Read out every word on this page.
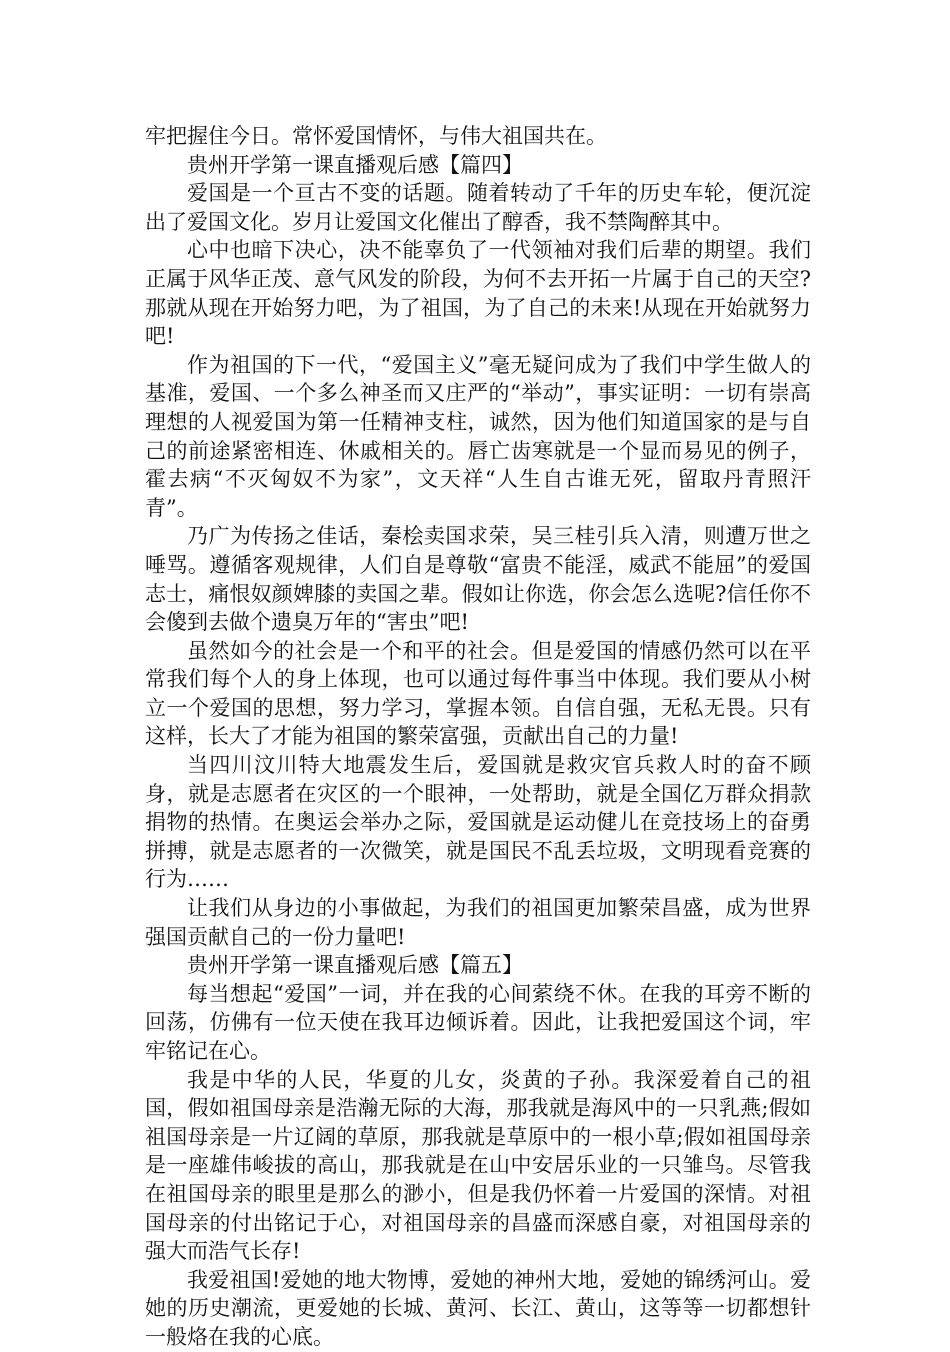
牢把握住今日。常怀爱国情怀，与伟大祖国共在。

贵州开学第一课直播观后感【篇四】

爱国是一个亘古不变的话题。随着转动了千年的历史车轮，便沉淀出了爱国文化。岁月让爱国文化催出了醇香，我不禁陶醉其中。

心中也暗下决心，决不能辜负了一代领袖对我们后辈的期望。我们正属于风华正茂、意气风发的阶段，为何不去开拓一片属于自己的天空?那就从现在开始努力吧，为了祖国，为了自己的未来!从现在开始就努力吧!

作为祖国的下一代，“爱国主义”毫无疑问成为了我们中学生做人的基准，爱国、一个多么神圣而又庄严的“举动”，事实证明：一切有崇高理想的人视爱国为第一任精神支柱，诚然，因为他们知道国家的是与自己的前途紧密相连、休戚相关的。唇亡齿寒就是一个显而易见的例子，霍去病“不灭匈奴不为家”，文天祥“人生自古谁无死，留取丹青照汗青”。

乃广为传扬之佳话，秦桧卖国求荣，吴三桂引兵入清，则遭万世之唾骂。遵循客观规律，人们自是尊敬“富贵不能淫，威武不能屈”的爱国志士，痛恨奴颜婢膝的卖国之辈。假如让你选，你会怎么选呢?信任你不会傻到去做个遗臭万年的“害虫”吧!

虽然如今的社会是一个和平的社会。但是爱国的情感仍然可以在平常我们每个人的身上体现，也可以通过每件事当中体现。我们要从小树立一个爱国的思想，努力学习，掌握本领。自信自强，无私无畏。只有这样，长大了才能为祖国的繁荣富强，贡献出自己的力量!

当四川汶川特大地震发生后，爱国就是救灾官兵救人时的奋不顾身，就是志愿者在灾区的一个眼神，一处帮助，就是全国亿万群众捐款捐物的热情。在奥运会举办之际，爱国就是运动健儿在竞技场上的奋勇拼搏，就是志愿者的一次微笑，就是国民不乱丢垃圾，文明现看竞赛的行为……

让我们从身边的小事做起，为我们的祖国更加繁荣昌盛，成为世界强国贡献自己的一份力量吧!

贵州开学第一课直播观后感【篇五】

每当想起“爱国”一词，并在我的心间萦绕不休。在我的耳旁不断的回荡，仿佛有一位天使在我耳边倾诉着。因此，让我把爱国这个词，牢牢铭记在心。

我是中华的人民，华夏的儿女，炎黄的子孙。我深爱着自己的祖国，假如祖国母亲是浩瀚无际的大海，那我就是海风中的一只乳燕;假如祖国母亲是一片辽阔的草原，那我就是草原中的一根小草;假如祖国母亲是一座雄伟峻拔的高山，那我就是在山中安居乐业的一只雏鸟。尽管我在祖国母亲的眼里是那么的渺小，但是我仍怀着一片爱国的深情。对祖国母亲的付出铭记于心，对祖国母亲的昌盛而深感自豪，对祖国母亲的强大而浩气长存!

我爱祖国!爱她的地大物博，爱她的神州大地，爱她的锦绣河山。爱她的历史潮流，更爱她的长城、黄河、长江、黄山，这等等一切都想针一般烙在我的心底。
